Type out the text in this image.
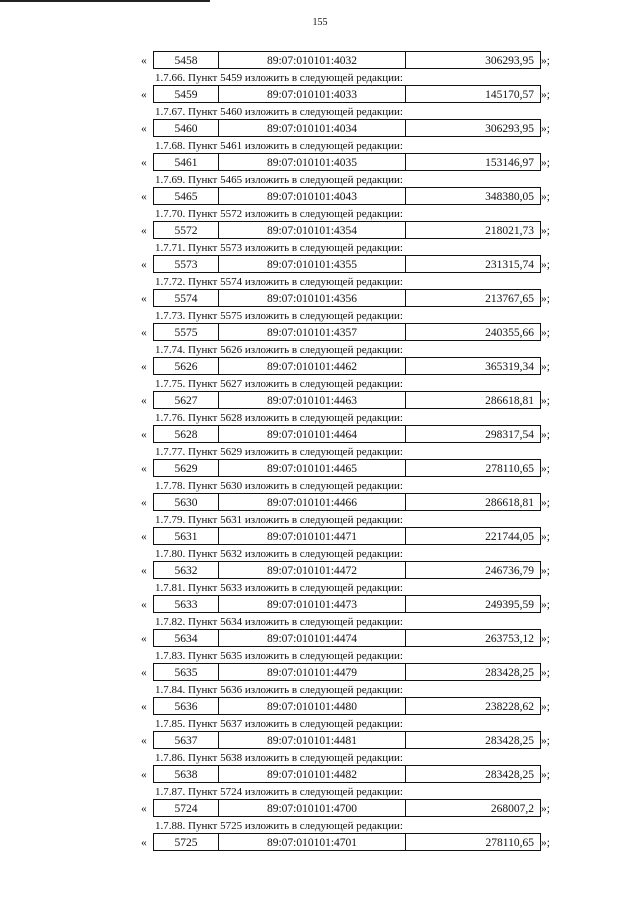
155
«	5458	89:07:010101:4032	306293,95 »;
1.7.66. Пункт 5459 изложить в следующей редакции:
«	5459	89:07:010101:4033	145170,57 »;
1.7.67. Пункт 5460 изложить в следующей редакции:
«	5460	89:07:010101:4034	306293,95 »;
1.7.68. Пункт 5461 изложить в следующей редакции:
«	5461	89:07:010101:4035	153146,97 »;
1.7.69. Пункт 5465 изложить в следующей редакции:
«	5465	89:07:010101:4043	348380,05 »;
1.7.70. Пункт 5572 изложить в следующей редакции:
«	5572	89:07:010101:4354	218021,73 »;
1.7.71. Пункт 5573 изложить в следующей редакции:
«	5573	89:07:010101:4355	231315,74 »;
1.7.72. Пункт 5574 изложить в следующей редакции:
«	5574	89:07:010101:4356	213767,65 »;
1.7.73. Пункт 5575 изложить в следующей редакции:
«	5575	89:07:010101:4357	240355,66 »;
1.7.74. Пункт 5626 изложить в следующей редакции:
«	5626	89:07:010101:4462	365319,34 »;
1.7.75. Пункт 5627 изложить в следующей редакции:
«	5627	89:07:010101:4463	286618,81 »;
1.7.76. Пункт 5628 изложить в следующей редакции:
«	5628	89:07:010101:4464	298317,54 »;
1.7.77. Пункт 5629 изложить в следующей редакции:
«	5629	89:07:010101:4465	278110,65 »;
1.7.78. Пункт 5630 изложить в следующей редакции:
«	5630	89:07:010101:4466	286618,81 »;
1.7.79. Пункт 5631 изложить в следующей редакции:
«	5631	89:07:010101:4471	221744,05 »;
1.7.80. Пункт 5632 изложить в следующей редакции:
«	5632	89:07:010101:4472	246736,79 »;
1.7.81. Пункт 5633 изложить в следующей редакции:
«	5633	89:07:010101:4473	249395,59 »;
1.7.82. Пункт 5634 изложить в следующей редакции:
«	5634	89:07:010101:4474	263753,12 »;
1.7.83. Пункт 5635 изложить в следующей редакции:
«	5635	89:07:010101:4479	283428,25 »;
1.7.84. Пункт 5636 изложить в следующей редакции:
«	5636	89:07:010101:4480	238228,62 »;
1.7.85. Пункт 5637 изложить в следующей редакции:
«	5637	89:07:010101:4481	283428,25 »;
1.7.86. Пункт 5638 изложить в следующей редакции:
«	5638	89:07:010101:4482	283428,25 »;
1.7.87. Пункт 5724 изложить в следующей редакции:
«	5724	89:07:010101:4700	268007,2 »;
1.7.88. Пункт 5725 изложить в следующей редакции:
«	5725	89:07:010101:4701	278110,65 »;
